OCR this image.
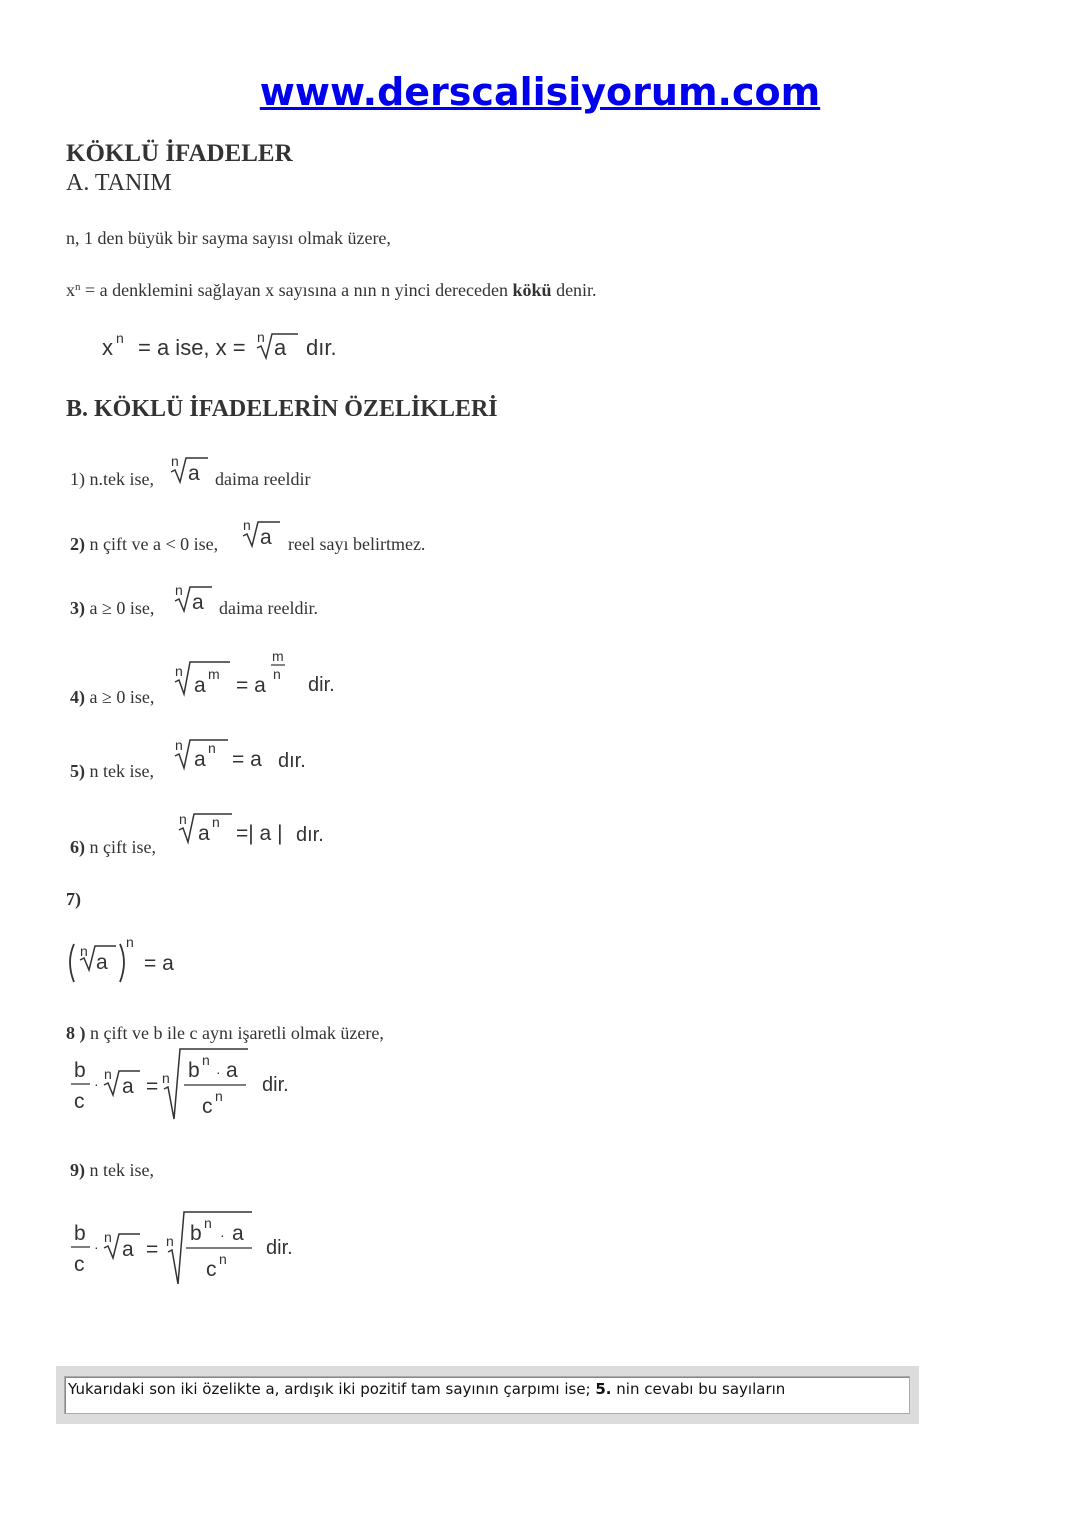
www.derscalisiyorum.com
KÖKLÜ İFADELER
A. TANIM
n, 1 den büyük bir sayma sayısı olmak üzere,
$x^n = a$ denklemini sağlayan x sayısına a nın n yinci dereceden kökü denir.
x n = a ise, x = n a dır.
B. KÖKLÜ İFADELERİN ÖZELİKLERİ
1) n.tek ise,
n
a daima reeldir
2) n çift ve a < 0 ise,
n
a reel sayı belirtmez.
3) a ≥ 0 ise,
n
a daima reeldir.
4) a ≥ 0 ise,
n
a m = a
m
n dir.
5) n tek ise,
n
a n = a dır.
6) n çift ise,
n
a n =| a | dır.
7)
n a
n
= a
8 ) n çift ve b ile c aynı işaretli olmak üzere,
b
c
·
n
a = n b n
· a
c n dir.
9) n tek ise,
b
c
·
n
a = n b n
· a
c n dir.
Yukarıdaki son iki özelikte a, ardışık iki pozitif tam sayının çarpımı ise; 5. nin cevabı bu sayıların
